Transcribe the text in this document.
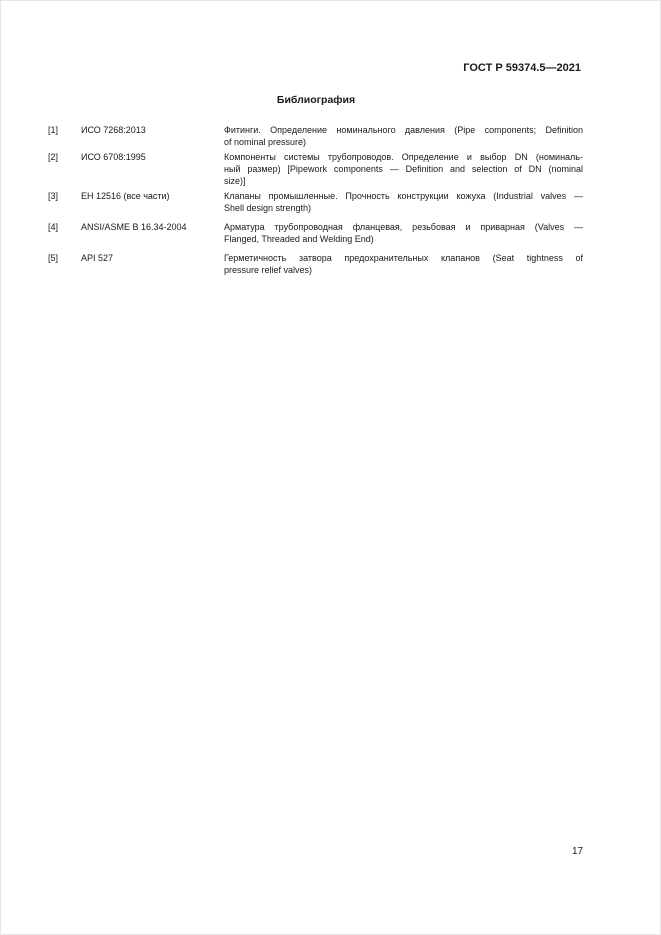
ГОСТ Р 59374.5—2021
Библиография
[1]	ИСО 7268:2013	Фитинги. Определение номинального давления (Pipe components; Definition
of nominal pressure)
[2]	ИСО 6708:1995	Компоненты системы трубопроводов. Определение и выбор DN (номиналь-
ный размер) [Pipework components — Definition and selection of DN (nominal
size)]
[3]	ЕН 12516 (все части)	Клапаны промышленные. Прочность конструкции кожуха (Industrial valves —
Shell design strength)
[4]	ANSI/ASME B 16.34-2004	Арматура трубопроводная фланцевая, резьбовая и приварная (Valves —
Flanged, Threaded and Welding End)
[5]	API 527	Герметичность затвора предохранительных клапанов (Seat tightness of
pressure relief valves)
17
